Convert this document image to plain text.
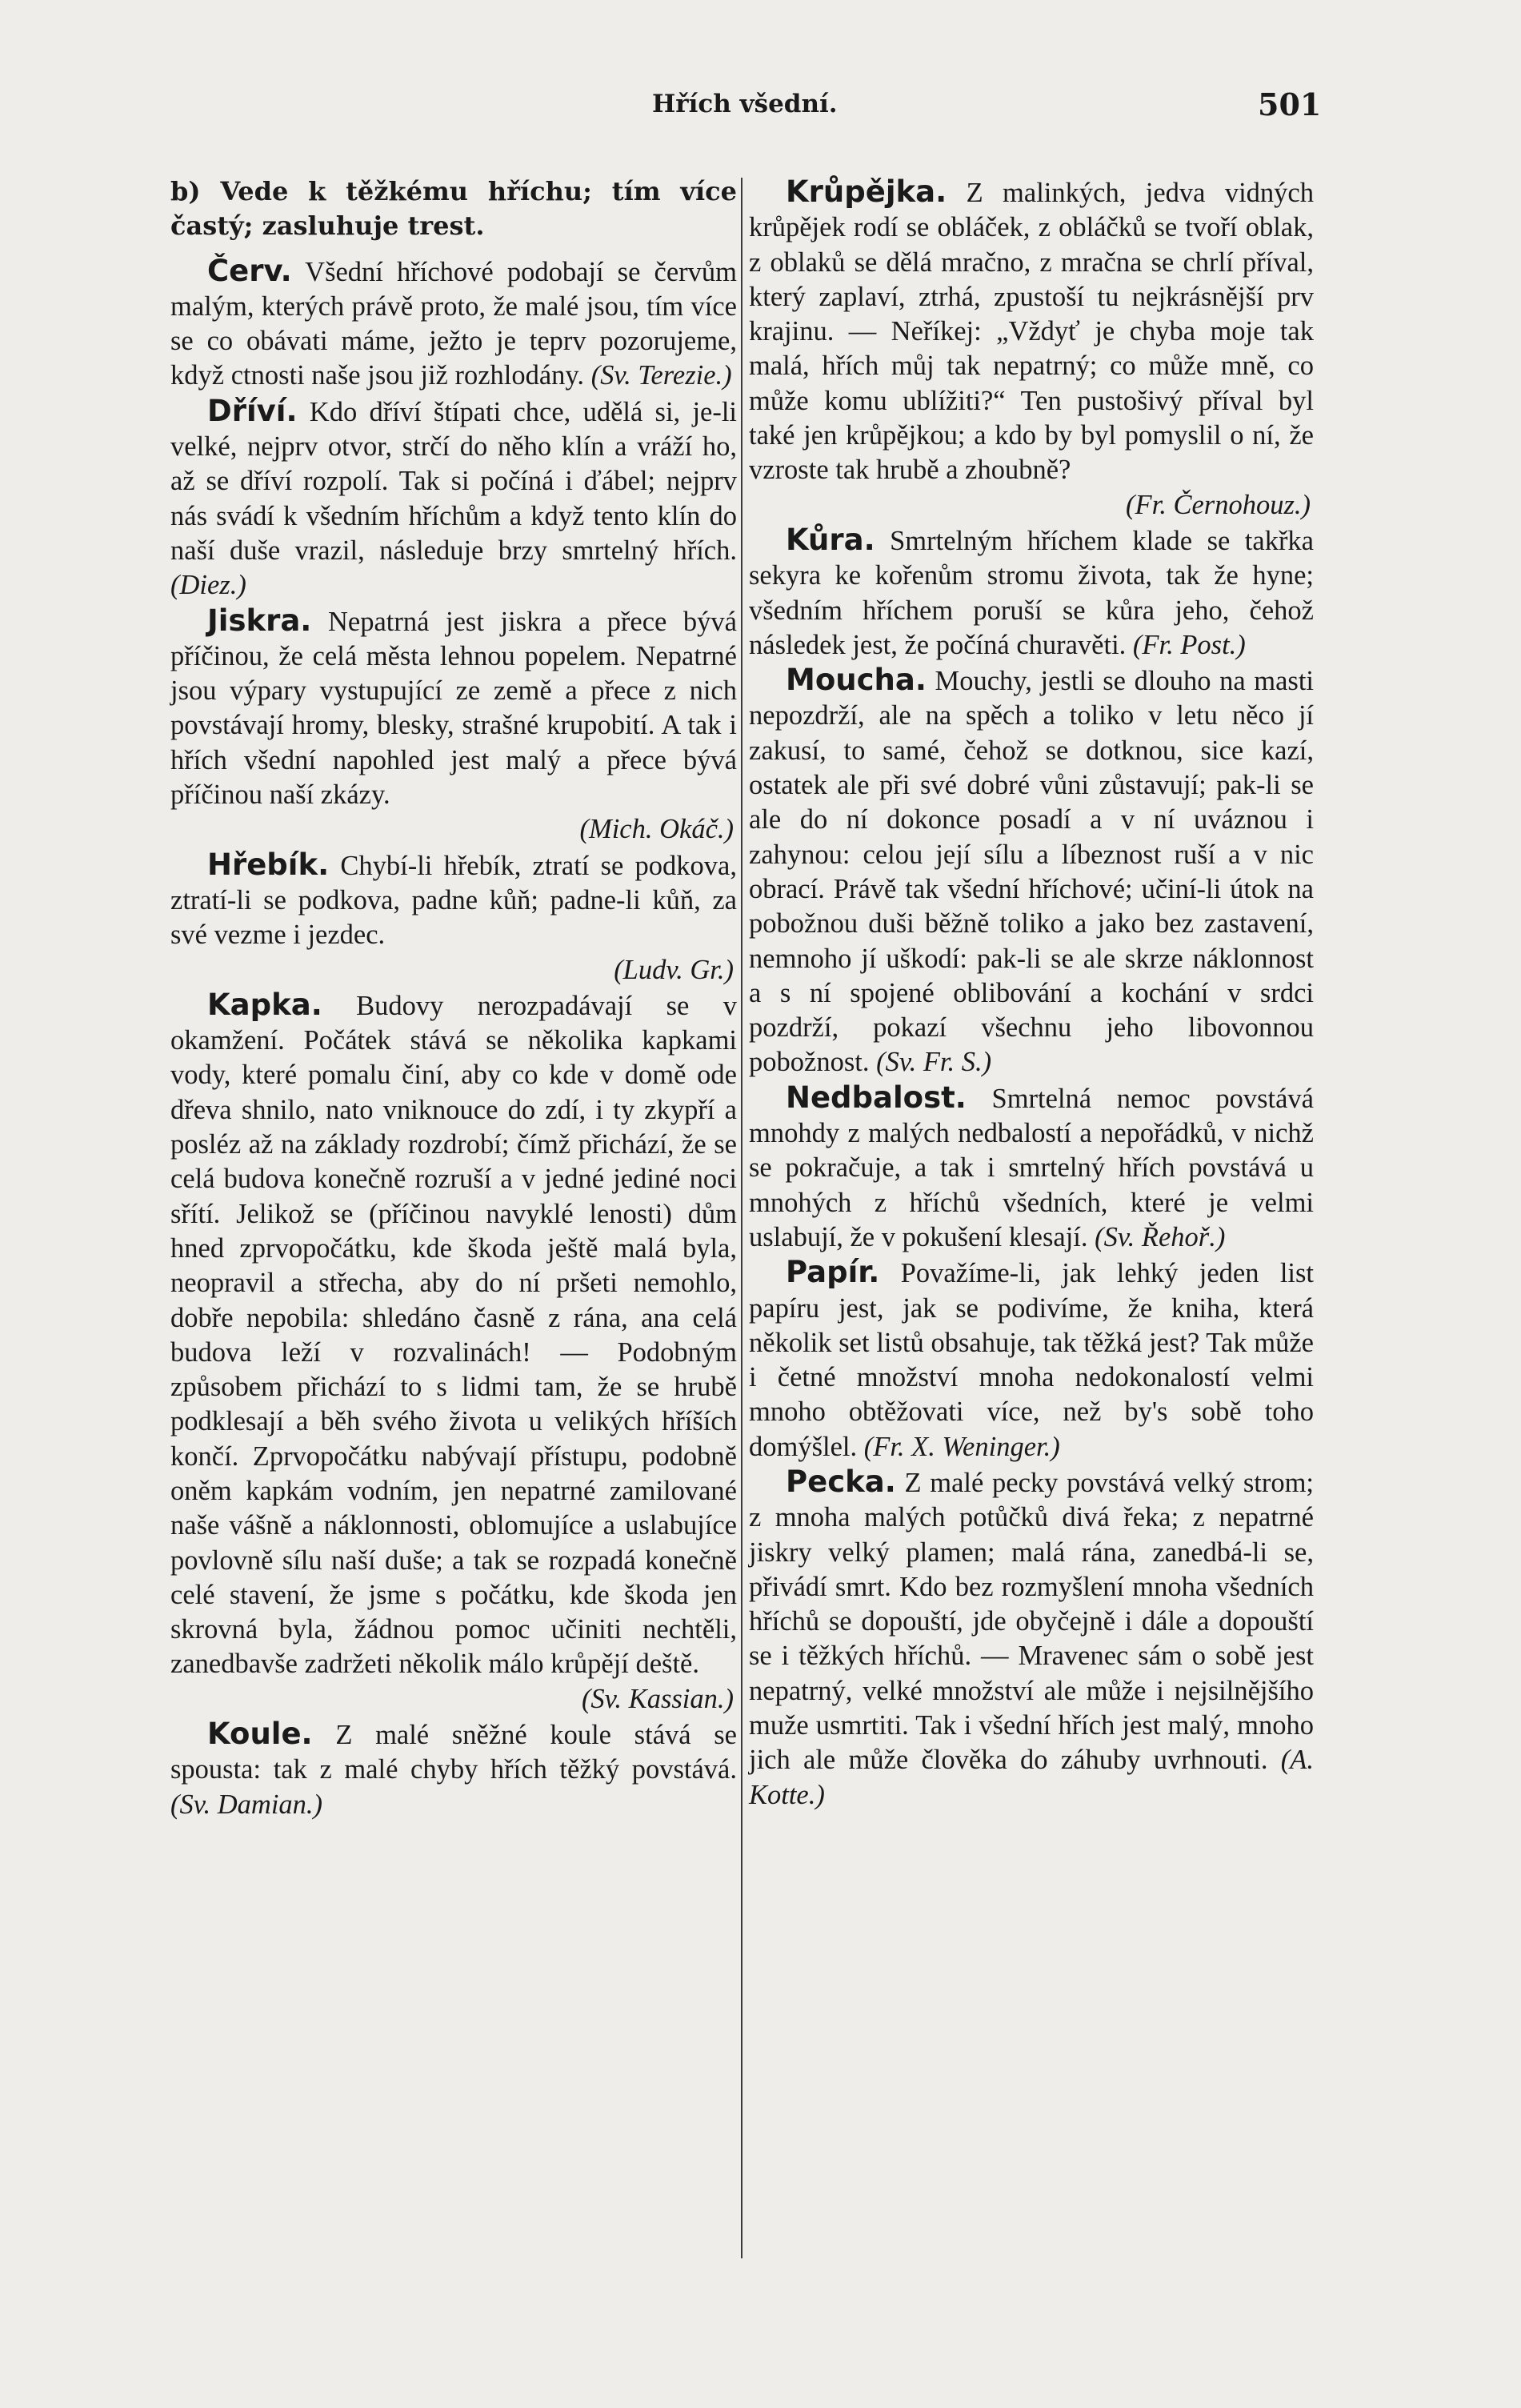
Hřích všední.	501

b) Vede k těžkému hříchu; tím více častý; zasluhuje trest.

Červ. Všední hříchové podobají se červům malým, kterých právě proto, že malé jsou, tím více se co obávati máme, ježto je teprv pozorujeme, když ctnosti naše jsou již rozhlodány. (Sv. Terezie.)

Dříví. Kdo dříví štípati chce, udělá si, je-li velké, nejprv otvor, strčí do něho klín a vráží ho, až se dříví rozpolí. Tak si počíná i ďábel; nejprv nás svádí k všedním hříchům a když tento klín do naší duše vrazil, následuje brzy smrtelný hřích. (Diez.)

Jiskra. Nepatrná jest jiskra a přece bývá příčinou, že celá města lehnou popelem. Nepatrné jsou výpary vystupující ze země a přece z nich povstávají hromy, blesky, strašné krupobití. A tak i hřích všední napohled jest malý a přece bývá příčinou naší zkázy.
(Mich. Okáč.)

Hřebík. Chybí-li hřebík, ztratí se podkova, ztratí-li se podkova, padne kůň; padne-li kůň, za své vezme i jezdec.
(Ludv. Gr.)

Kapka. Budovy nerozpadávají se v okamžení. Počátek stává se několika kapkami vody, které pomalu činí, aby co kde v domě ode dřeva shnilo, nato vniknouce do zdí, i ty zkypří a posléz až na základy rozdrobí; čímž přichází, že se celá budova konečně rozruší a v jedné jediné noci sřítí. Jelikož se (příčinou navyklé lenosti) dům hned zprvopočátku, kde škoda ještě malá byla, neopravil a střecha, aby do ní pršeti nemohlo, dobře nepobila: shledáno časně z rána, ana celá budova leží v rozvalinách! — Podobným způsobem přichází to s lidmi tam, že se hrubě podklesají a běh svého života u velikých hříších končí. Zprvopočátku nabývají přístupu, podobně oněm kapkám vodním, jen nepatrné zamilované naše vášně a náklonnosti, oblomujíce a uslabujíce povlovně sílu naší duše; a tak se rozpadá konečně celé stavení, že jsme s počátku, kde škoda jen skrovná byla, žádnou pomoc učiniti nechtěli, zanedbavše zadržeti několik málo krůpějí deště.
(Sv. Kassian.)

Koule. Z malé sněžné koule stává se spousta: tak z malé chyby hřích těžký povstává. (Sv. Damian.)

Krůpějka. Z malinkých, jedva vidných krůpějek rodí se obláček, z obláčků se tvoří oblak, z oblaků se dělá mračno, z mračna se chrlí příval, který zaplaví, ztrhá, zpustoší tu nejkrásnější prv krajinu. — Neříkej: „Vždyť je chyba moje tak malá, hřích můj tak nepatrný; co může mně, co může komu ublížiti?“ Ten pustošivý příval byl také jen krůpějkou; a kdo by byl pomyslil o ní, že vzroste tak hrubě a zhoubně?
(Fr. Černohouz.)

Kůra. Smrtelným hříchem klade se takřka sekyra ke kořenům stromu života, tak že hyne; všedním hříchem poruší se kůra jeho, čehož následek jest, že počíná churavěti. (Fr. Post.)

Moucha. Mouchy, jestli se dlouho na masti nepozdrží, ale na spěch a toliko v letu něco jí zakusí, to samé, čehož se dotknou, sice kazí, ostatek ale při své dobré vůni zůstavují; pak-li se ale do ní dokonce posadí a v ní uváznou i zahynou: celou její sílu a líbeznost ruší a v nic obrací. Právě tak všední hříchové; učiní-li útok na pobožnou duši běžně toliko a jako bez zastavení, nemnoho jí uškodí: pak-li se ale skrze náklonnost a s ní spojené oblibování a kochání v srdci pozdrží, pokazí všechnu jeho libovonnou pobožnost. (Sv. Fr. S.)

Nedbalost. Smrtelná nemoc povstává mnohdy z malých nedbalostí a nepořádků, v nichž se pokračuje, a tak i smrtelný hřích povstává u mnohých z hříchů všedních, které je velmi uslabují, že v pokušení klesají. (Sv. Řehoř.)

Papír. Považíme-li, jak lehký jeden list papíru jest, jak se podivíme, že kniha, která několik set listů obsahuje, tak těžká jest? Tak může i četné množství mnoha nedokonalostí velmi mnoho obtěžovati více, než by's sobě toho domýšlel. (Fr. X. Weninger.)

Pecka. Z malé pecky povstává velký strom; z mnoha malých potůčků divá řeka; z nepatrné jiskry velký plamen; malá rána, zanedbá-li se, přivádí smrt. Kdo bez rozmyšlení mnoha všedních hříchů se dopouští, jde obyčejně i dále a dopouští se i těžkých hříchů. — Mravenec sám o sobě jest nepatrný, velké množství ale může i nejsilnějšího muže usmrtiti. Tak i všední hřích jest malý, mnoho jich ale může člověka do záhuby uvrhnouti. (A. Kotte.)
